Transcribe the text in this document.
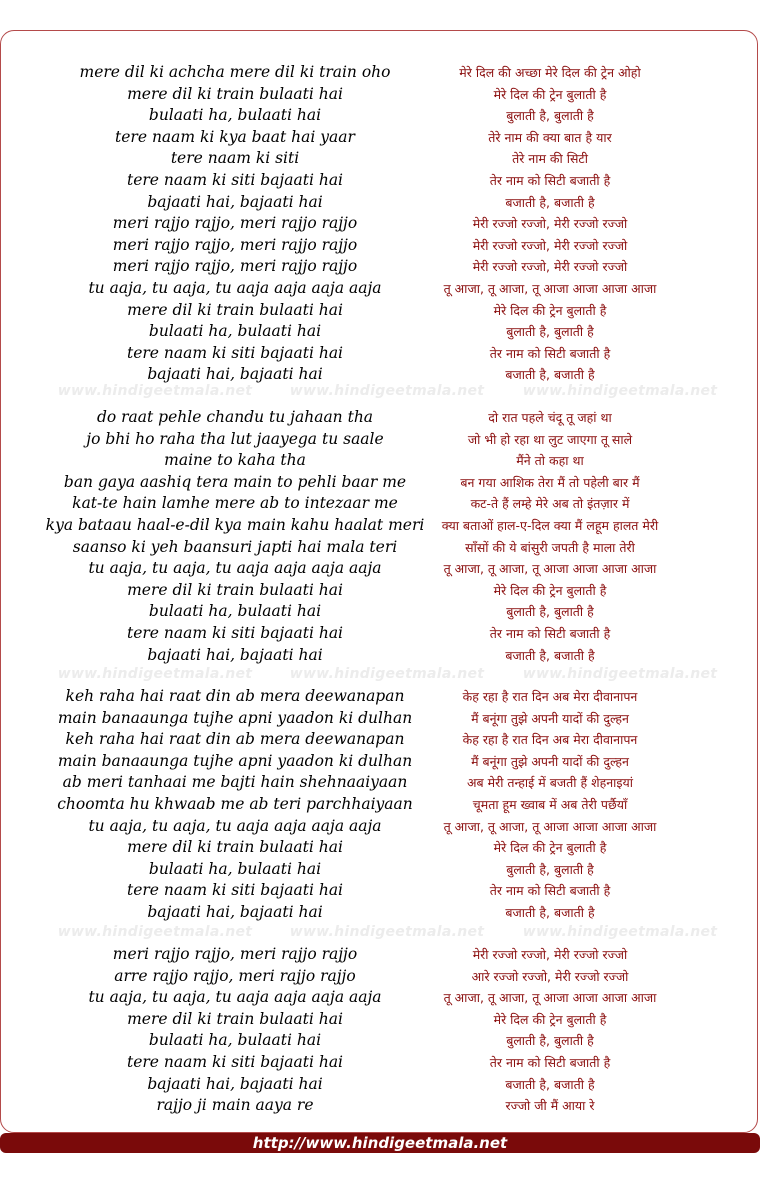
mere dil ki achcha mere dil ki train oho	मेरे दिल की अच्छा मेरे दिल की ट्रेन ओहो
mere dil ki train bulaati hai	मेरे दिल की ट्रेन बुलाती है
bulaati ha, bulaati hai	बुलाती है, बुलाती है
tere naam ki kya baat hai yaar	तेरे नाम की क्या बात है यार
tere naam ki siti	तेरे नाम की सिटी
tere naam ki siti bajaati hai	तेर नाम को सिटी बजाती है
bajaati hai, bajaati hai	बजाती है, बजाती है
meri rajjo rajjo, meri rajjo rajjo	मेरी रज्जो रज्जो, मेरी रज्जो रज्जो
meri rajjo rajjo, meri rajjo rajjo	मेरी रज्जो रज्जो, मेरी रज्जो रज्जो
meri rajjo rajjo, meri rajjo rajjo	मेरी रज्जो रज्जो, मेरी रज्जो रज्जो
tu aaja, tu aaja, tu aaja aaja aaja aaja	तू आजा, तू आजा, तू आजा आजा आजा आजा
mere dil ki train bulaati hai	मेरे दिल की ट्रेन बुलाती है
bulaati ha, bulaati hai	बुलाती है, बुलाती है
tere naam ki siti bajaati hai	तेर नाम को सिटी बजाती है
bajaati hai, bajaati hai	बजाती है, बजाती है
do raat pehle chandu tu jahaan tha	दो रात पहले चंदू तू जहां था
jo bhi ho raha tha lut jaayega tu saale	जो भी हो रहा था लुट जाएगा तू साले
maine to kaha tha	मैंने तो कहा था
ban gaya aashiq tera main to pehli baar me	बन गया आशिक तेरा मैं तो पहेली बार मैं
kat-te hain lamhe mere ab to intezaar me	कट-ते हैं लम्हे मेरे अब तो इंतज़ार में
kya bataau haal-e-dil kya main kahu haalat meri	क्या बताओं हाल-ए-दिल क्या मैं लहूम हालत मेरी
saanso ki yeh baansuri japti hai mala teri	साँसों की ये बांसुरी जपती है माला तेरी
tu aaja, tu aaja, tu aaja aaja aaja aaja	तू आजा, तू आजा, तू आजा आजा आजा आजा
mere dil ki train bulaati hai	मेरे दिल की ट्रेन बुलाती है
bulaati ha, bulaati hai	बुलाती है, बुलाती है
tere naam ki siti bajaati hai	तेर नाम को सिटी बजाती है
bajaati hai, bajaati hai	बजाती है, बजाती है
keh raha hai raat din ab mera deewanapan	केह रहा है रात दिन अब मेरा दीवानापन
main banaaunga tujhe apni yaadon ki dulhan	मैं बनूंगा तुझे अपनी यादों की दुल्हन
keh raha hai raat din ab mera deewanapan	केह रहा है रात दिन अब मेरा दीवानापन
main banaaunga tujhe apni yaadon ki dulhan	मैं बनूंगा तुझे अपनी यादों की दुल्हन
ab meri tanhaai me bajti hain shehnaaiyaan	अब मेरी तन्हाई में बजती हैं शेहनाइयां
choomta hu khwaab me ab teri parchhaiyaan	चूमता हूम ख्वाब में अब तेरी पर्छैयाँ
tu aaja, tu aaja, tu aaja aaja aaja aaja	तू आजा, तू आजा, तू आजा आजा आजा आजा
mere dil ki train bulaati hai	मेरे दिल की ट्रेन बुलाती है
bulaati ha, bulaati hai	बुलाती है, बुलाती है
tere naam ki siti bajaati hai	तेर नाम को सिटी बजाती है
bajaati hai, bajaati hai	बजाती है, बजाती है
meri rajjo rajjo, meri rajjo rajjo	मेरी रज्जो रज्जो, मेरी रज्जो रज्जो
arre rajjo rajjo, meri rajjo rajjo	आरे रज्जो रज्जो, मेरी रज्जो रज्जो
tu aaja, tu aaja, tu aaja aaja aaja aaja	तू आजा, तू आजा, तू आजा आजा आजा आजा
mere dil ki train bulaati hai	मेरे दिल की ट्रेन बुलाती है
bulaati ha, bulaati hai	बुलाती है, बुलाती है
tere naam ki siti bajaati hai	तेर नाम को सिटी बजाती है
bajaati hai, bajaati hai	बजाती है, बजाती है
rajjo ji main aaya re	रज्जो जी मैं आया रे
www.hindigeetmala.net	www.hindigeetmala.net	www.hindigeetmala.net
www.hindigeetmala.net	www.hindigeetmala.net	www.hindigeetmala.net
www.hindigeetmala.net	www.hindigeetmala.net	www.hindigeetmala.net
http://www.hindigeetmala.net
